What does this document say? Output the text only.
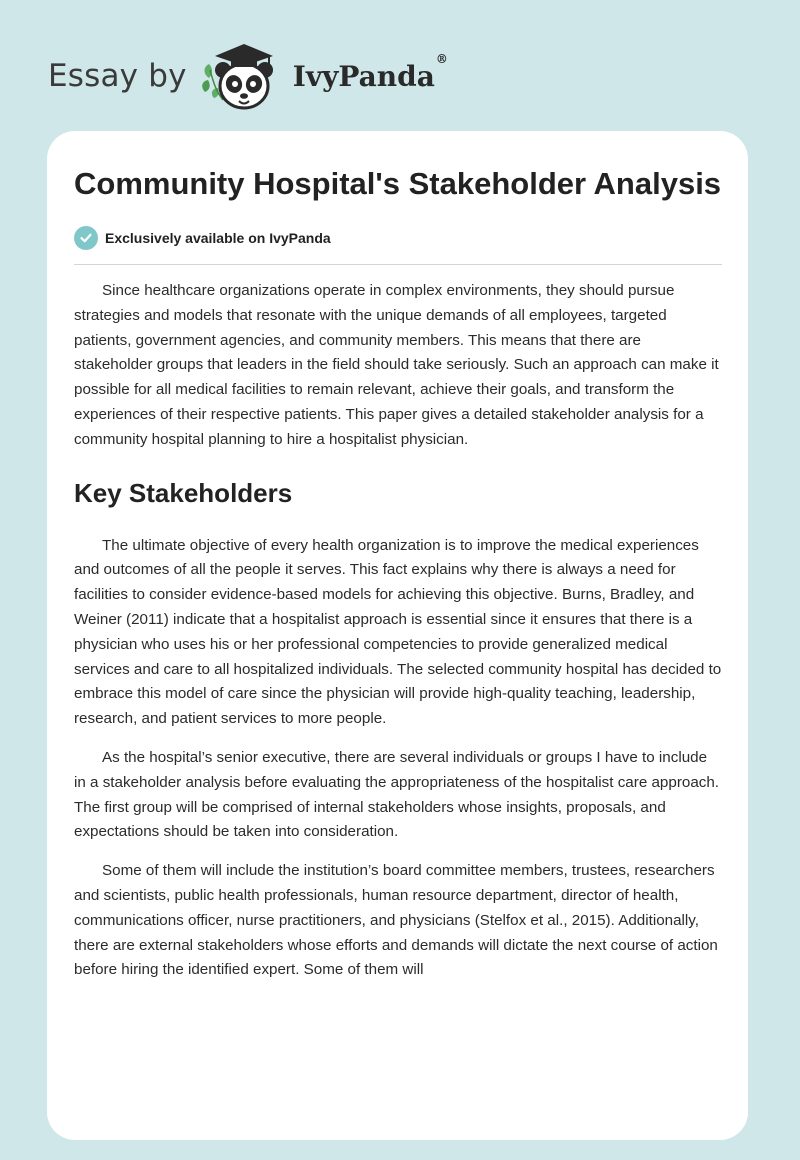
Essay by	IvyPanda®
Community Hospital's Stakeholder Analysis
Exclusively available on IvyPanda

Since healthcare organizations operate in complex environments, they should pursue strategies and models that resonate with the unique demands of all employees, targeted patients, government agencies, and community members. This means that there are stakeholder groups that leaders in the field should take seriously. Such an approach can make it possible for all medical facilities to remain relevant, achieve their goals, and transform the experiences of their respective patients. This paper gives a detailed stakeholder analysis for a community hospital planning to hire a hospitalist physician.

Key Stakeholders

The ultimate objective of every health organization is to improve the medical experiences and outcomes of all the people it serves. This fact explains why there is always a need for facilities to consider evidence-based models for achieving this objective. Burns, Bradley, and Weiner (2011) indicate that a hospitalist approach is essential since it ensures that there is a physician who uses his or her professional competencies to provide generalized medical services and care to all hospitalized individuals. The selected community hospital has decided to embrace this model of care since the physician will provide high-quality teaching, leadership, research, and patient services to more people.

As the hospital’s senior executive, there are several individuals or groups I have to include in a stakeholder analysis before evaluating the appropriateness of the hospitalist care approach. The first group will be comprised of internal stakeholders whose insights, proposals, and expectations should be taken into consideration.

Some of them will include the institution’s board committee members, trustees, researchers and scientists, public health professionals, human resource department, director of health, communications officer, nurse practitioners, and physicians (Stelfox et al., 2015). Additionally, there are external stakeholders whose efforts and demands will dictate the next course of action before hiring the identified expert. Some of them will
